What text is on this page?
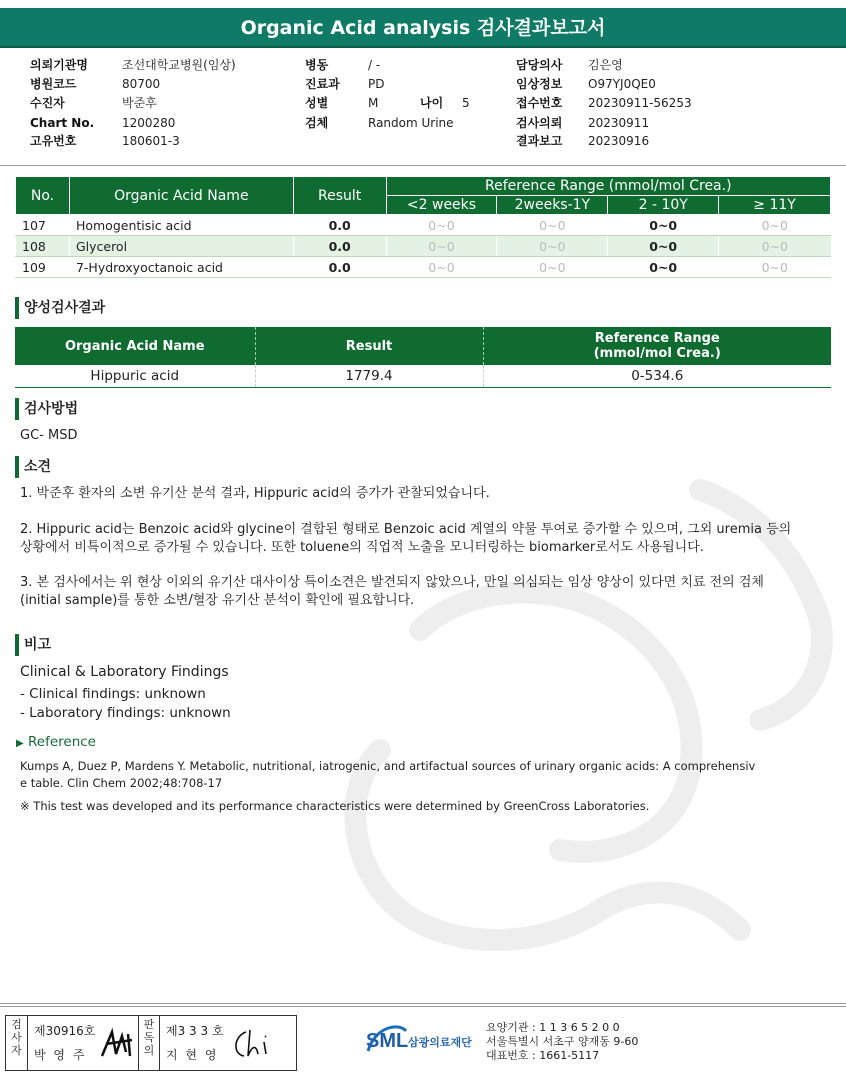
Organic Acid analysis 검사결과보고서
의뢰기관명	조선대학교병원(임상)
병원코드	80700
수진자	박준후
Chart No. 1200280
고유번호	180601-3
병동	/ -
진료과 PD
성별	M	나이 5
검체	Random Urine
담당의사 김은영
임상정보 O97YJ0QE0
접수번호 20230911-56253
검사의뢰 20230911
결과보고 20230916
No.	Organic Acid Name	Result	Reference Range (mmol/mol Crea.)			
			<2 weeks	2weeks-1Y	2 - 10Y	≥ 11Y
107	Homogentisic acid	0.0	0~0	0~0	0~0	0~0
108	Glycerol	0.0	0~0	0~0	0~0	0~0
109	7-Hydroxyoctanoic acid	0.0	0~0	0~0	0~0	0~0
양성검사결과
Organic Acid Name	Result	Reference Range
(mmol/mol Crea.)
Hippuric acid	1779.4	0-534.6
검사방법
GC- MSD
소견
1. 박준후 환자의 소변 유기산 분석 결과, Hippuric acid의 증가가 관찰되었습니다.
2. Hippuric acid는 Benzoic acid와 glycine이 결합된 형태로 Benzoic acid 계열의 약물 투여로 증가할 수 있으며, 그외 uremia 등의
상황에서 비특이적으로 증가될 수 있습니다. 또한 toluene의 직업적 노출을 모니터링하는 biomarker로서도 사용됩니다.
3. 본 검사에서는 위 현상 이외의 유기산 대사이상 특이소견은 발견되지 않았으나, 만일 의심되는 임상 양상이 있다면 치료 전의 검체
(initial sample)를 통한 소변/혈장 유기산 분석이 확인에 필요합니다.
비고
Clinical & Laboratory Findings
- Clinical findings: unknown
- Laboratory findings: unknown
▶ Reference
Kumps A, Duez P, Mardens Y. Metabolic, nutritional, iatrogenic, and artifactual sources of urinary organic acids: A comprehensiv
e table. Clin Chem 2002;48:708-17
※ This test was developed and its performance characteristics were determined by GreenCross Laboratories.
검사자
제30916호
박 영 주
판독의
제3 3 3 호
지 현 영
SML 삼광의료재단
요양기관 : 1 1 3 6 5 2 0 0
서울특별시 서초구 양재동 9-60
대표번호 : 1661-5117
